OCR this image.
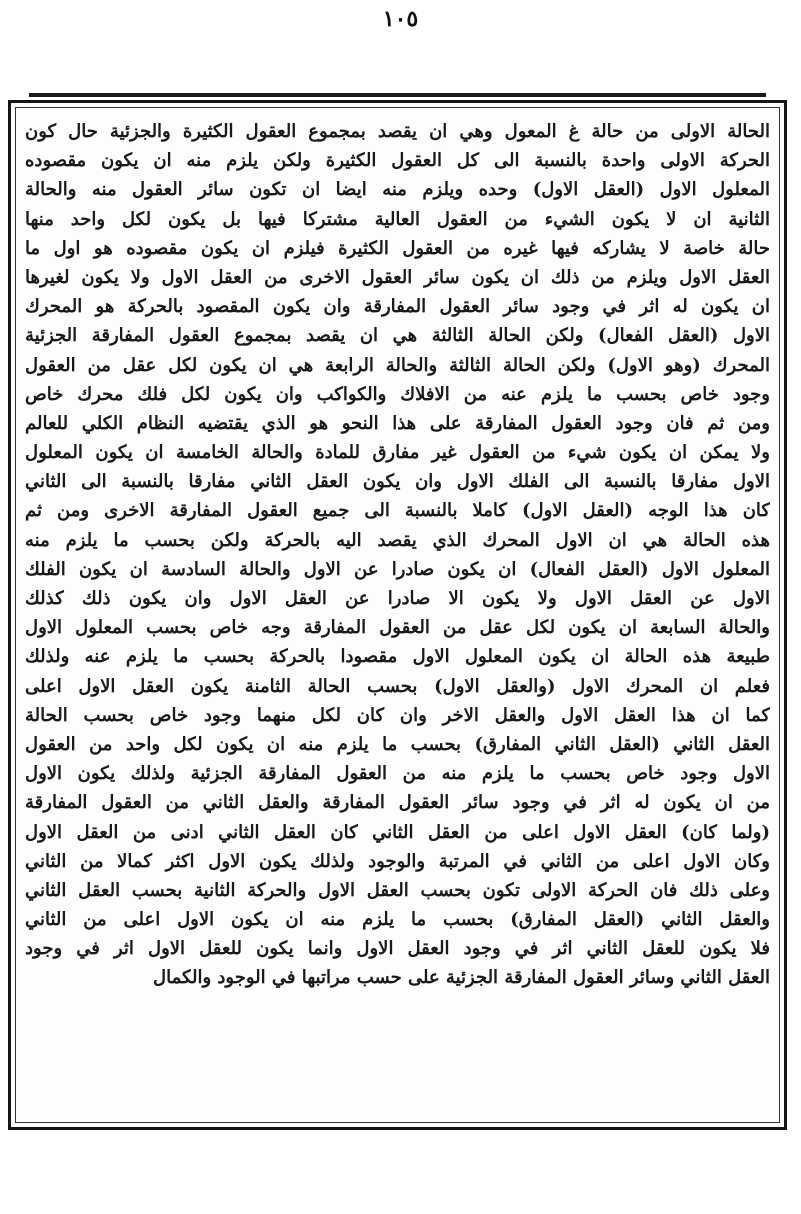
١٠٥
الحالة الاولى من حالة غ المعول وهي ان يقصد بمجموع العقول الكثيرة والجزئية حال كون
الحركة الاولى واحدة بالنسبة الى كل العقول الكثيرة ولكن يلزم منه ان يكون مقصوده
المعلول الاول (العقل الاول) وحده ويلزم منه ايضا ان تكون سائر العقول منه والحالة
الثانية ان لا يكون الشيء من العقول العالية مشتركا فيها بل يكون لكل واحد منها
حالة خاصة لا يشاركه فيها غيره من العقول الكثيرة فيلزم ان يكون مقصوده هو اول ما
العقل الاول ويلزم من ذلك ان يكون سائر العقول الاخرى من العقل الاول ولا يكون لغيرها
ان يكون له اثر في وجود سائر العقول المفارقة وان يكون المقصود بالحركة هو المحرك
الاول (العقل الفعال) ولكن الحالة الثالثة هي ان يقصد بمجموع العقول المفارقة الجزئية
المحرك (وهو الاول) ولكن الحالة الثالثة والحالة الرابعة هي ان يكون لكل عقل من العقول
وجود خاص بحسب ما يلزم عنه من الافلاك والكواكب وان يكون لكل فلك محرك خاص
ومن ثم فان وجود العقول المفارقة على هذا النحو هو الذي يقتضيه النظام الكلي للعالم
ولا يمكن ان يكون شيء من العقول غير مفارق للمادة والحالة الخامسة ان يكون المعلول
الاول مفارقا بالنسبة الى الفلك الاول وان يكون العقل الثاني مفارقا بالنسبة الى الثاني
كان هذا الوجه (العقل الاول) كاملا بالنسبة الى جميع العقول المفارقة الاخرى ومن ثم
هذه الحالة هي ان الاول المحرك الذي يقصد اليه بالحركة ولكن بحسب ما يلزم منه
المعلول الاول (العقل الفعال) ان يكون صادرا عن الاول والحالة السادسة ان يكون الفلك
الاول عن العقل الاول ولا يكون الا صادرا عن العقل الاول وان يكون ذلك كذلك
والحالة السابعة ان يكون لكل عقل من العقول المفارقة وجه خاص بحسب المعلول الاول
طبيعة هذه الحالة ان يكون المعلول الاول مقصودا بالحركة بحسب ما يلزم عنه ولذلك
فعلم ان المحرك الاول (والعقل الاول) بحسب الحالة الثامنة يكون العقل الاول اعلى
كما ان هذا العقل الاول والعقل الاخر وان كان لكل منهما وجود خاص بحسب الحالة
العقل الثاني (العقل الثاني المفارق) بحسب ما يلزم منه ان يكون لكل واحد من العقول
الاول وجود خاص بحسب ما يلزم منه من العقول المفارقة الجزئية ولذلك يكون الاول
من ان يكون له اثر في وجود سائر العقول المفارقة والعقل الثاني من العقول المفارقة
(ولما كان) العقل الاول اعلى من العقل الثاني كان العقل الثاني ادنى من العقل الاول
وكان الاول اعلى من الثاني في المرتبة والوجود ولذلك يكون الاول اكثر كمالا من الثاني
وعلى ذلك فان الحركة الاولى تكون بحسب العقل الاول والحركة الثانية بحسب العقل الثاني
والعقل الثاني (العقل المفارق) بحسب ما يلزم منه ان يكون الاول اعلى من الثاني
فلا يكون للعقل الثاني اثر في وجود العقل الاول وانما يكون للعقل الاول اثر في وجود
العقل الثاني وسائر العقول المفارقة الجزئية على حسب مراتبها في الوجود والكمال
